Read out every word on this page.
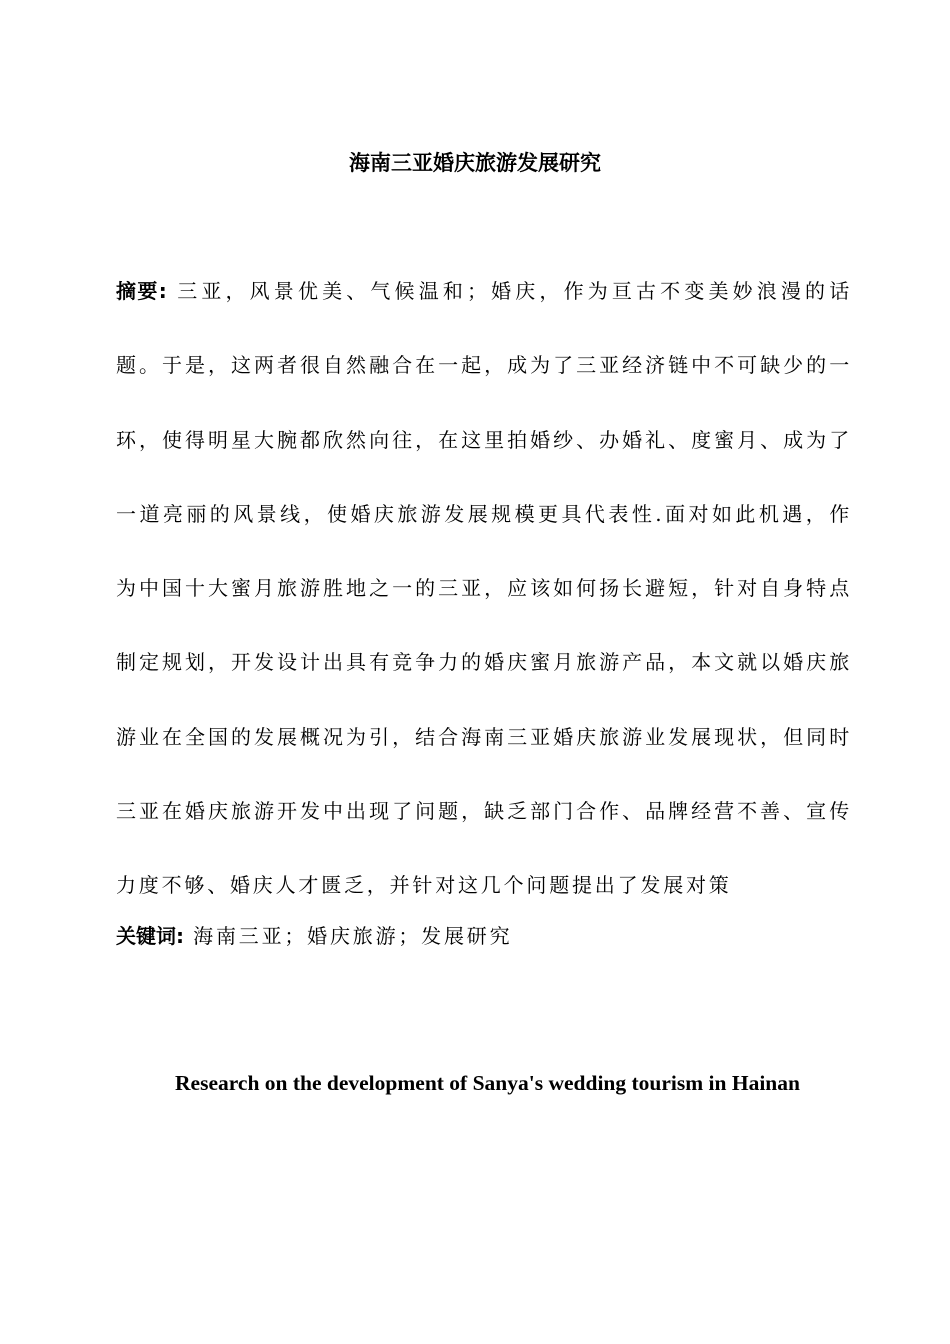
海南三亚婚庆旅游发展研究

摘要: 三亚，风景优美、气候温和；婚庆，作为亘古不变美妙浪漫的话题。于是，这两者很自然融合在一起，成为了三亚经济链中不可缺少的一环，使得明星大腕都欣然向往，在这里拍婚纱、办婚礼、度蜜月、成为了一道亮丽的风景线，使婚庆旅游发展规模更具代表性.面对如此机遇，作为中国十大蜜月旅游胜地之一的三亚，应该如何扬长避短，针对自身特点制定规划，开发设计出具有竞争力的婚庆蜜月旅游产品，本文就以婚庆旅游业在全国的发展概况为引，结合海南三亚婚庆旅游业发展现状，但同时三亚在婚庆旅游开发中出现了问题，缺乏部门合作、品牌经营不善、宣传力度不够、婚庆人才匮乏，并针对这几个问题提出了发展对策

关键词: 海南三亚；婚庆旅游；发展研究

Research on the development of Sanya's wedding tourism in Hainan
